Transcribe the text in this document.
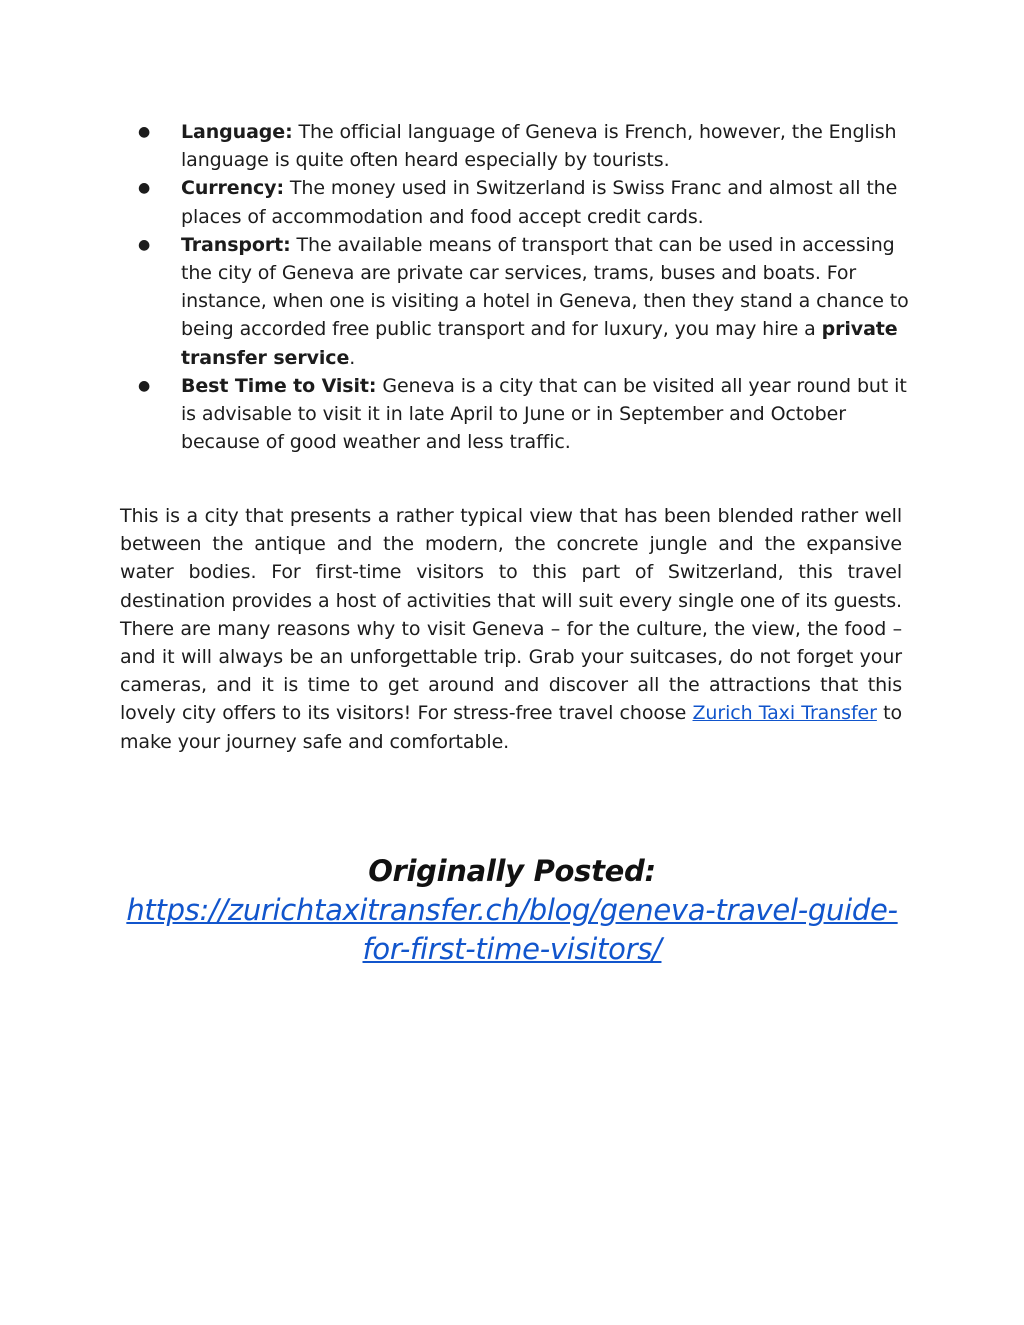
● Language: The official language of Geneva is French, however, the English language is quite often heard especially by tourists.
● Currency: The money used in Switzerland is Swiss Franc and almost all the places of accommodation and food accept credit cards.
● Transport: The available means of transport that can be used in accessing the city of Geneva are private car services, trams, buses and boats. For instance, when one is visiting a hotel in Geneva, then they stand a chance to being accorded free public transport and for luxury, you may hire a private transfer service.
● Best Time to Visit: Geneva is a city that can be visited all year round but it is advisable to visit it in late April to June or in September and October because of good weather and less traffic.

This is a city that presents a rather typical view that has been blended rather well between the antique and the modern, the concrete jungle and the expansive water bodies. For first-time visitors to this part of Switzerland, this travel destination provides a host of activities that will suit every single one of its guests. There are many reasons why to visit Geneva – for the culture, the view, the food – and it will always be an unforgettable trip. Grab your suitcases, do not forget your cameras, and it is time to get around and discover all the attractions that this lovely city offers to its visitors! For stress-free travel choose Zurich Taxi Transfer to make your journey safe and comfortable.

Originally Posted:
https://zurichtaxitransfer.ch/blog/geneva-travel-guide-
for-first-time-visitors/
